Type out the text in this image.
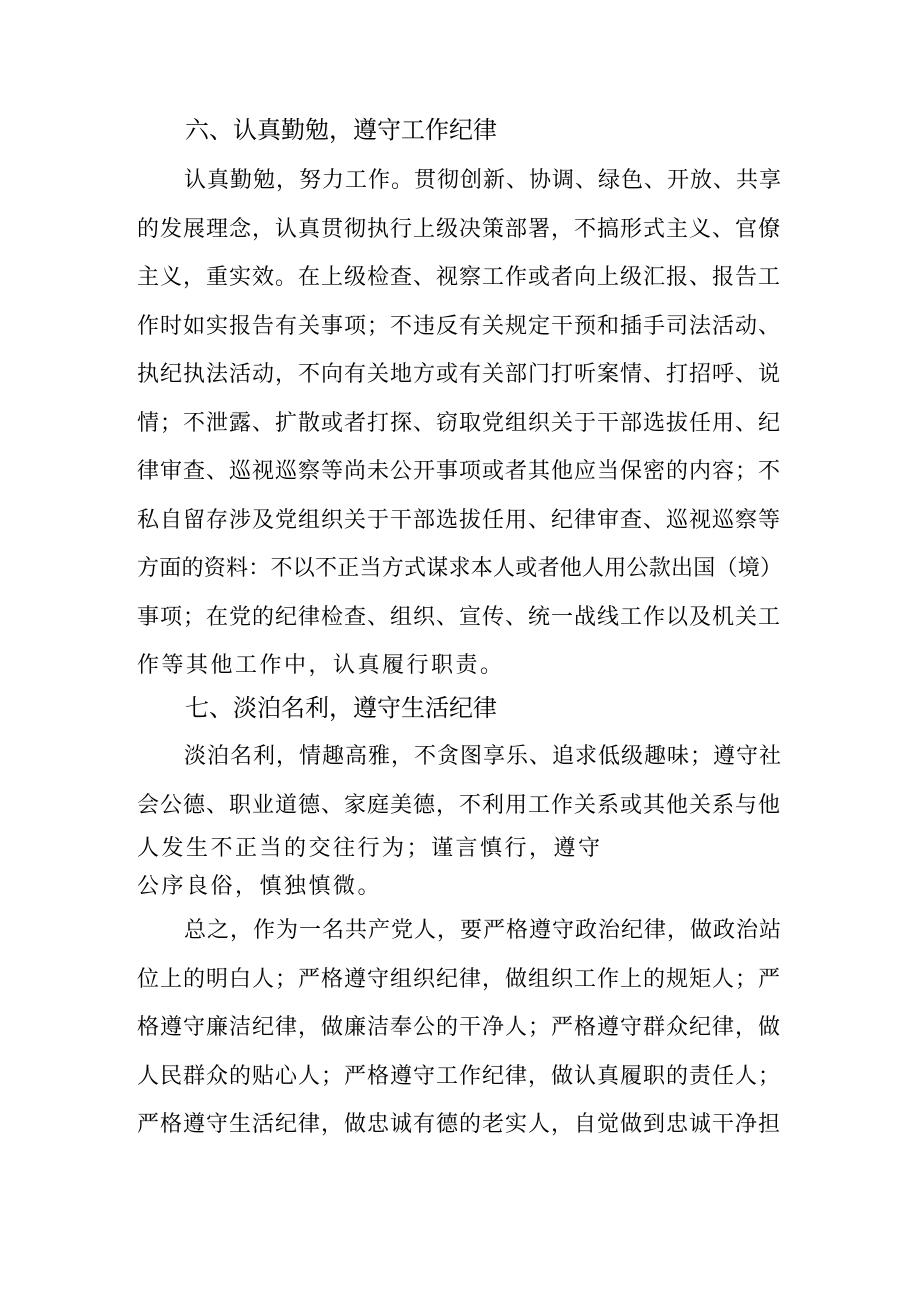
六、认真勤勉，遵守工作纪律
认真勤勉，努力工作。贯彻创新、协调、绿色、开放、共享
的发展理念，认真贯彻执行上级决策部署，不搞形式主义、官僚
主义，重实效。在上级检查、视察工作或者向上级汇报、报告工
作时如实报告有关事项；不违反有关规定干预和插手司法活动、
执纪执法活动，不向有关地方或有关部门打听案情、打招呼、说
情；不泄露、扩散或者打探、窃取党组织关于干部选拔任用、纪
律审查、巡视巡察等尚未公开事项或者其他应当保密的内容；不
私自留存涉及党组织关于干部选拔任用、纪律审查、巡视巡察等
方面的资料：不以不正当方式谋求本人或者他人用公款出国（境）
事项；在党的纪律检查、组织、宣传、统一战线工作以及机关工
作等其他工作中，认真履行职责。
七、淡泊名利，遵守生活纪律
淡泊名利，情趣高雅，不贪图享乐、追求低级趣味；遵守社
会公德、职业道德、家庭美德，不利用工作关系或其他关系与他
人发生不正当的交往行为；谨言慎行，遵守
公序良俗，慎独慎微。
总之，作为一名共产党人，要严格遵守政治纪律，做政治站
位上的明白人；严格遵守组织纪律，做组织工作上的规矩人；严
格遵守廉洁纪律，做廉洁奉公的干净人；严格遵守群众纪律，做
人民群众的贴心人；严格遵守工作纪律，做认真履职的责任人；
严格遵守生活纪律，做忠诚有德的老实人，自觉做到忠诚干净担
